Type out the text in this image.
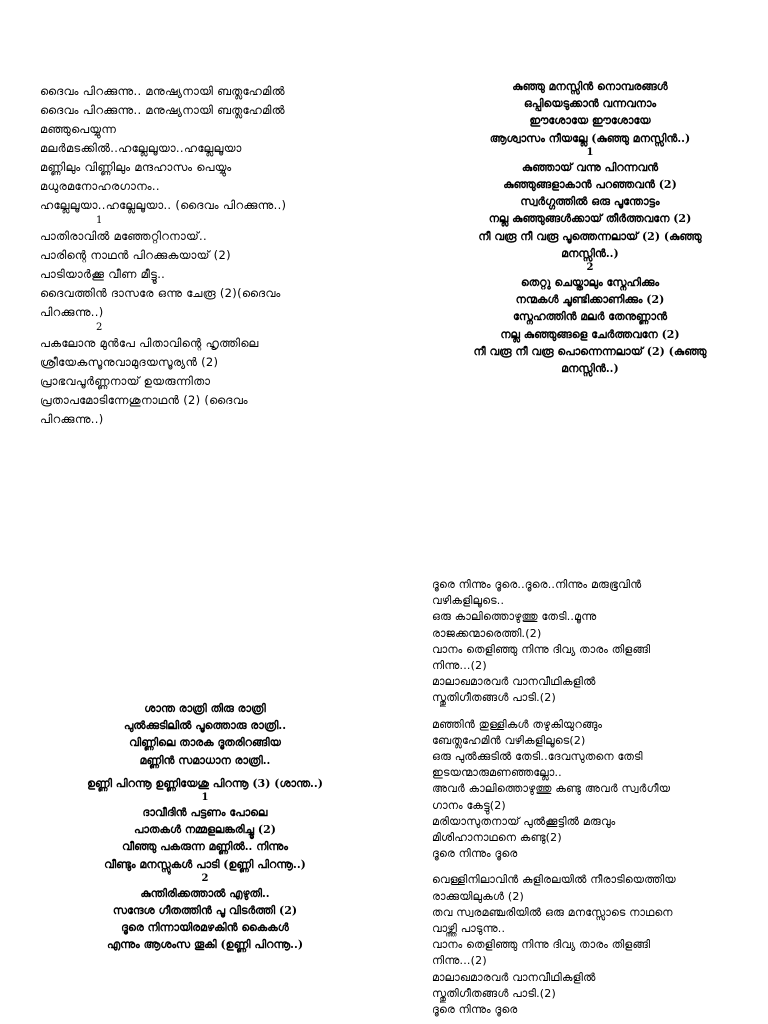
ദൈവം പിറക്കുന്നു.. മനുഷ്യനായി ബത്ലഹേമിൽ
ദൈവം പിറക്കുന്നു.. മനുഷ്യനായി ബത്ലഹേമിൽ
മഞ്ഞുപെയ്യുന്ന
മലർമടക്കിൽ..ഹല്ലേലൂയാ..ഹല്ലേലൂയാ
മണ്ണിലും വിണ്ണിലും മന്ദഹാസം പെയ്യും
മധുരമനോഹരഗാനം..
ഹല്ലേലൂയാ..ഹല്ലേലൂയാ.. (ദൈവം പിറക്കുന്നു..)
1
പാതിരാവിൽ മഞ്ഞേറ്റിറനായ്..
പാരിന്റെ നാഥൻ പിറക്കുകയായ് (2)
പാടിയാർക്കൂ വീണ മീട്ടൂ..
ദൈവത്തിൻ ദാസരേ ഒന്നു ചേരൂ (2)(ദൈവം
പിറക്കുന്നു..)
2
പകലോനു മുൻപേ പിതാവിന്റെ ഹൃത്തിലെ
ശ്രീയേകസൂനുവാമുദയസൂര്യൻ (2)
പ്രാഭവപൂർണ്ണനായ് ഉയരുന്നിതാ
പ്രതാപമോടിന്നേശുനാഥൻ (2) (ദൈവം
പിറക്കുന്നു..)
കുഞ്ഞു മനസ്സിൻ നൊമ്പരങ്ങൾ
ഒപ്പിയെടുക്കാൻ വന്നവനാം
ഈശോയേ ഈശോയേ
ആശ്വാസം നീയല്ലേ (കുഞ്ഞു മനസ്സിൻ..)
1
കുഞ്ഞായ് വന്നു പിറന്നവൻ
കുഞ്ഞുങ്ങളാകാൻ പറഞ്ഞവൻ (2)
സ്വർഗ്ഗത്തിൽ ഒരു പൂന്തോട്ടം
നല്ല കുഞ്ഞുങ്ങൾക്കായ് തീർത്തവനേ (2)
നീ വരൂ നീ വരൂ പൂത്തെന്നലായ് (2) (കുഞ്ഞു
മനസ്സിൻ..)
2
തെറ്റു ചെയ്താലും സ്നേഹിക്കും
നന്മകൾ ചൂണ്ടിക്കാണിക്കും (2)
സ്നേഹത്തിൻ മലർ തേനുണ്ണാൻ
നല്ല കുഞ്ഞുങ്ങളെ ചേർത്തവനേ (2)
നീ വരൂ നീ വരൂ പൊന്നെന്നലായ് (2) (കുഞ്ഞു
മനസ്സിൻ..)
ശാന്ത രാത്രി തിരു രാത്രി
പുൽക്കുടിലിൽ പൂത്തൊരു രാത്രി..
വിണ്ണിലെ താരക ദൂതരിറങ്ങിയ
മണ്ണിൻ സമാധാന രാത്രി..
ഉണ്ണി പിറന്നൂ ഉണ്ണിയേശു പിറന്നൂ (3) (ശാന്ത..)
1
ദാവീദിൻ പട്ടണം പോലെ
പാതകൾ നമ്മളലങ്കരിച്ചൂ (2)
വീഞ്ഞു പകരുന്ന മണ്ണിൽ.. നിന്നും
വീണ്ടും മനസ്സുകൾ പാടി (ഉണ്ണി പിറന്നൂ..)
2
കുന്തിരിക്കത്താൽ എഴുതി..
സന്ദേശ ഗീതത്തിൻ പൂ വിടർത്തി (2)
ദൂരെ നിന്നായിരമഴകിൻ കൈകൾ
എന്നും ആശംസ തൂകി (ഉണ്ണി പിറന്നൂ..)
ദൂരെ നിന്നും ദൂരെ..ദൂരെ..നിന്നും മരുഭൂവിൻ
വഴികളിലൂടെ..
ഒരു കാലിത്തൊഴുത്തു തേടി..മൂന്നു
രാജക്കന്മാരെത്തി.(2)
വാനം തെളിഞ്ഞു നിന്നു ദിവ്യ താരം തിളങ്ങി
നിന്നു...(2)
മാലാഖമാരവർ വാനവീഥികളിൽ
സ്തുതിഗീതങ്ങൾ പാടി.(2)
മഞ്ഞിൻ തുള്ളികൾ തഴുകിയുറങ്ങും
ബേത്ലഹേമിൻ വഴികളിലൂടെ(2)
ഒരു പുൽക്കുടിൽ തേടി..ദേവസുതനെ തേടി
ഇടയന്മാരുമണഞ്ഞല്ലോ..
അവർ കാലിത്തൊഴുത്തു കണ്ടു അവർ സ്വർഗീയ
ഗാനം കേട്ടു(2)
മരിയാസുതനായ് പുൽക്കൂട്ടിൽ മരുവും
മിശിഹാനാഥനെ കണ്ടു(2)
ദൂരെ നിന്നും ദൂരെ
വെള്ളിനിലാവിൻ കുളിരലയിൽ നീരാടിയെത്തിയ
രാക്കുയിലുകൾ (2)
തവ സ്വരമഞ്ചരിയിൽ ഒരു മനസ്സോടെ നാഥനെ
വാഴ്ത്തി പാടുന്നു..
വാനം തെളിഞ്ഞു നിന്നു ദിവ്യ താരം തിളങ്ങി
നിന്നു...(2)
മാലാഖമാരവർ വാനവീഥികളിൽ
സ്തുതിഗീതങ്ങൾ പാടി.(2)
ദൂരെ നിന്നും ദൂരെ
